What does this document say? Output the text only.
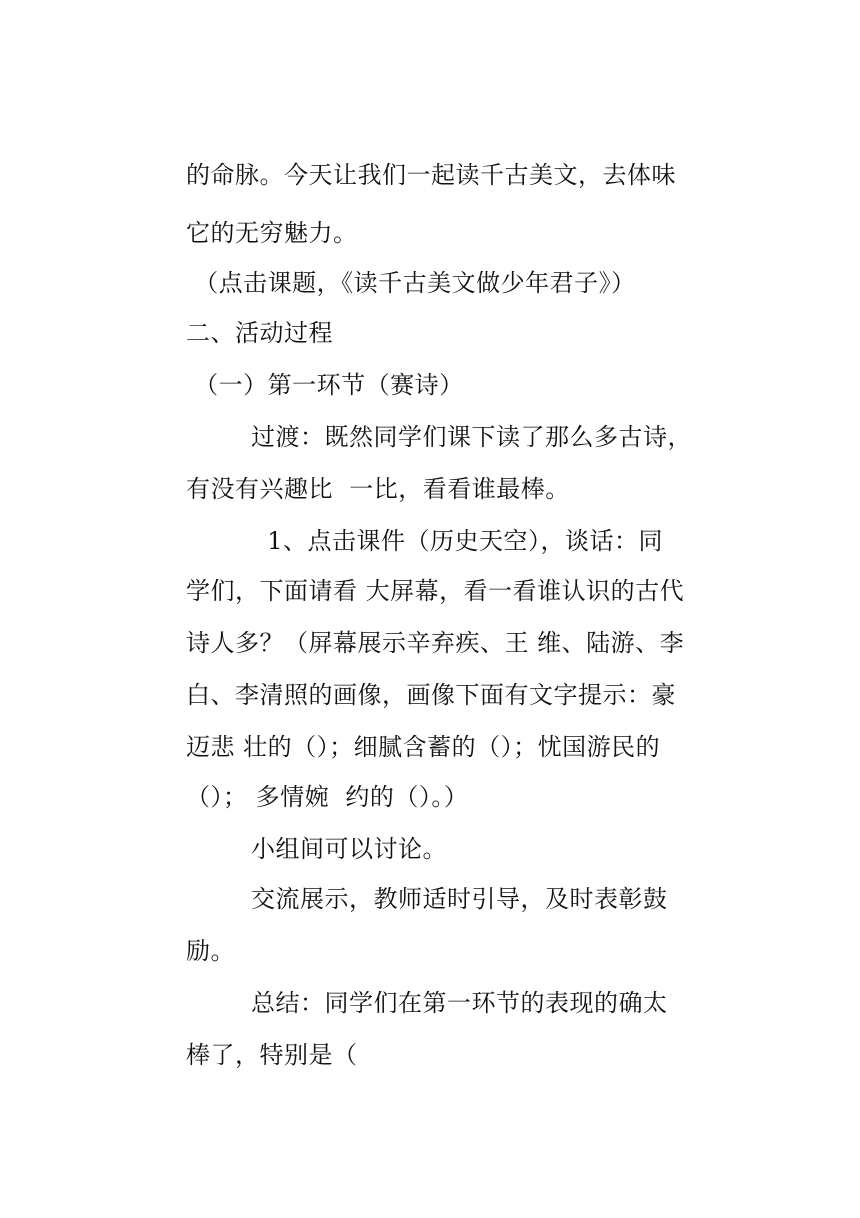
的命脉。今天让我们一起读千古美文，去体味
它的无穷魅力。
（点击课题，《读千古美文做少年君子》）
二、活动过程
（一）第一环节（赛诗）
过渡：既然同学们课下读了那么多古诗，
有没有兴趣比  一比，看看谁最棒。
1、点击课件（历史天空），谈话：同
学们，下面请看 大屏幕，看一看谁认识的古代
诗人多？（屏幕展示辛弃疾、王 维、陆游、李
白、李清照的画像，画像下面有文字提示：豪
迈悲 壮的（）；细腻含蓄的（）；忧国游民的
（）； 多情婉  约的（）。）
小组间可以讨论。
交流展示，教师适时引导，及时表彰鼓
励。
总结：同学们在第一环节的表现的确太
棒了，特别是（
